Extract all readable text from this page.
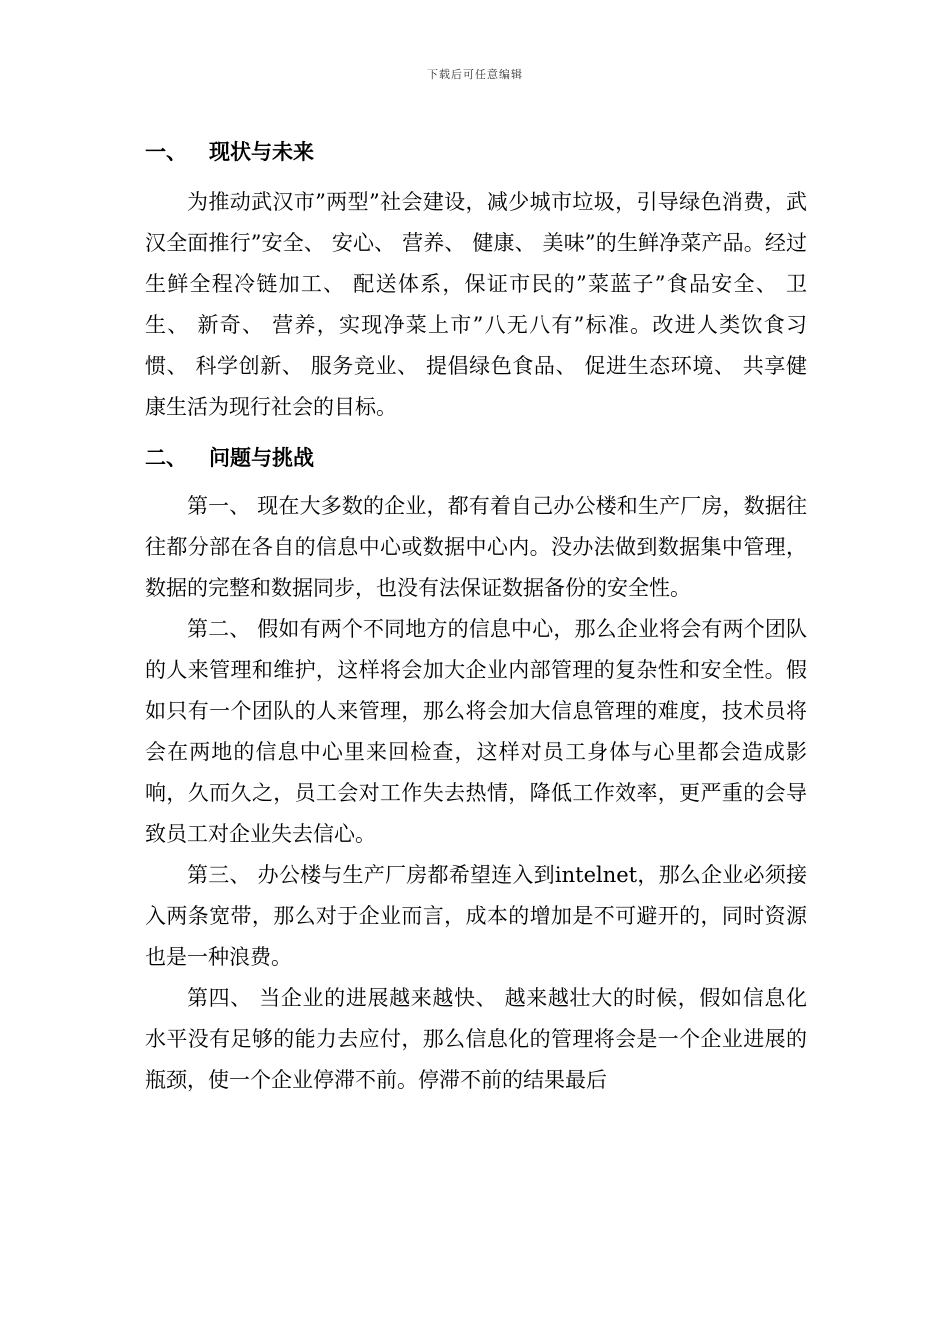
下载后可任意编辑
一、 现状与未来

为推动武汉市”两型”社会建设，减少城市垃圾，引导绿色消费，武汉全面推行”安全、 安心、 营养、 健康、 美味”的生鲜净菜产品。经过生鲜全程冷链加工、 配送体系，保证市民的”菜蓝子”食品安全、 卫生、 新奇、 营养，实现净菜上市”八无八有”标准。改进人类饮食习惯、 科学创新、 服务竞业、 提倡绿色食品、 促进生态环境、 共享健康生活为现行社会的目标。

二、 问题与挑战

第一、 现在大多数的企业，都有着自己办公楼和生产厂房，数据往往都分部在各自的信息中心或数据中心内。没办法做到数据集中管理，数据的完整和数据同步，也没有法保证数据备份的安全性。

第二、 假如有两个不同地方的信息中心，那么企业将会有两个团队的人来管理和维护，这样将会加大企业内部管理的复杂性和安全性。假如只有一个团队的人来管理，那么将会加大信息管理的难度，技术员将会在两地的信息中心里来回检查，这样对员工身体与心里都会造成影响，久而久之，员工会对工作失去热情，降低工作效率，更严重的会导致员工对企业失去信心。

第三、 办公楼与生产厂房都希望连入到intelnet，那么企业必须接入两条宽带，那么对于企业而言，成本的增加是不可避开的，同时资源也是一种浪费。

第四、 当企业的进展越来越快、 越来越壮大的时候，假如信息化水平没有足够的能力去应付，那么信息化的管理将会是一个企业进展的瓶颈，使一个企业停滞不前。停滞不前的结果最后
